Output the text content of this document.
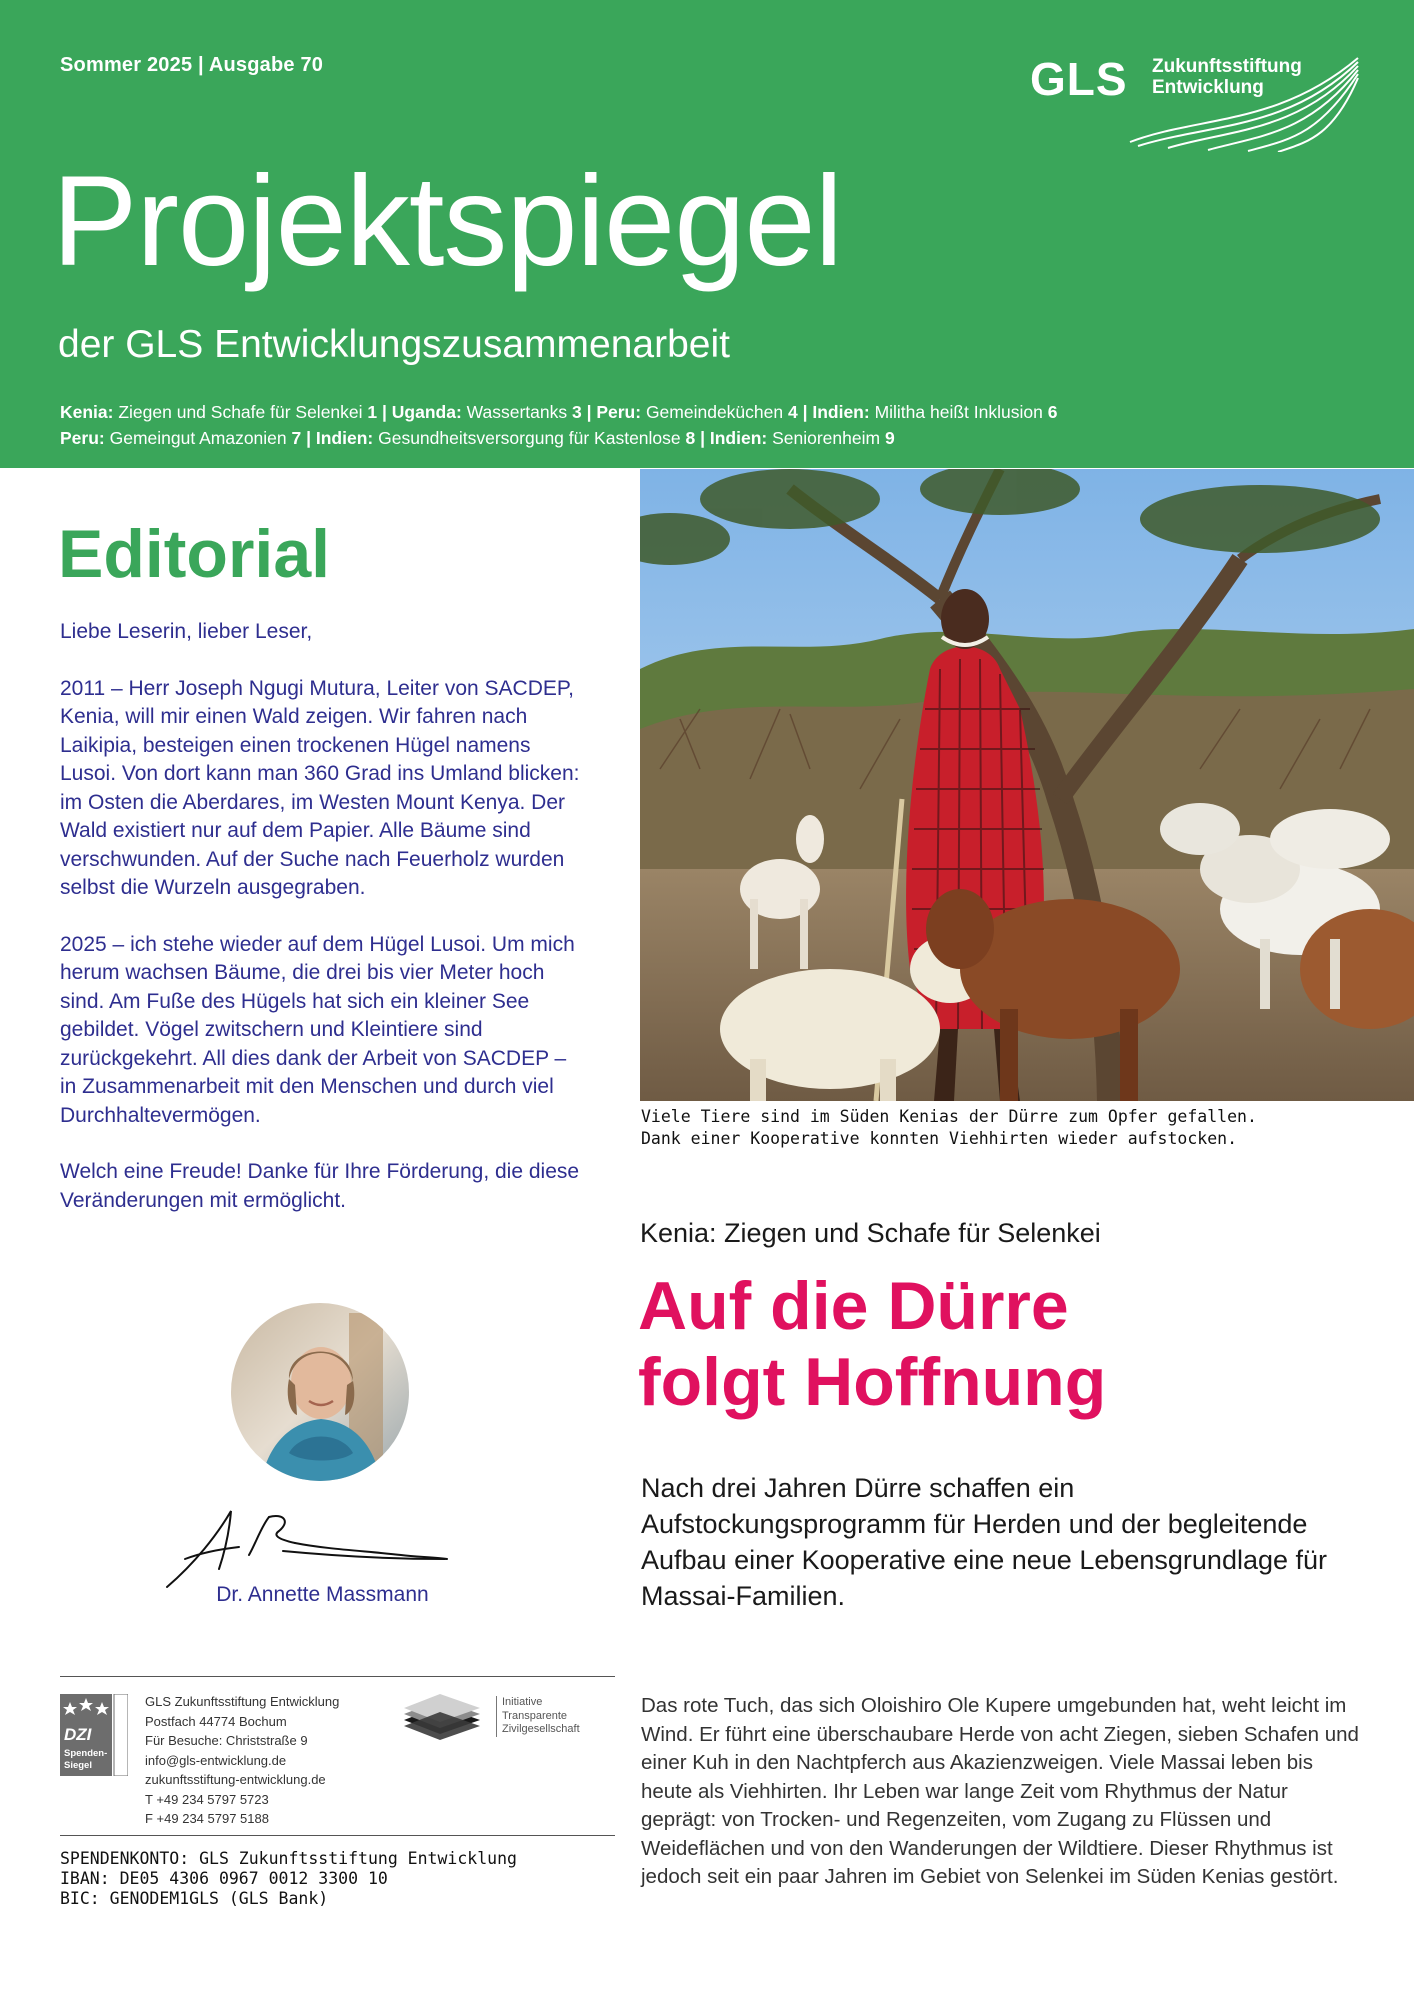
Sommer 2025 | Ausgabe 70	GLS Zukunftsstiftung
Entwicklung
Projektspiegel
der GLS Entwicklungszusammenarbeit
Kenia: Ziegen und Schafe für Selenkei 1 | Uganda: Wassertanks 3 | Peru: Gemeindeküchen 4 | Indien: Militha heißt Inklusion 6
Peru: Gemeingut Amazonien 7 | Indien: Gesundheitsversorgung für Kastenlose 8 | Indien: Seniorenheim 9
Editorial

Liebe Leserin, lieber Leser,

2011 – Herr Joseph Ngugi Mutura, Leiter von SACDEP, Kenia, will mir einen Wald zeigen. Wir fahren nach Laikipia, besteigen einen trockenen Hügel namens Lusoi. Von dort kann man 360 Grad ins Umland blicken: im Osten die Aberdares, im Westen Mount Kenya. Der Wald existiert nur auf dem Papier. Alle Bäume sind verschwunden. Auf der Suche nach Feuerholz wurden selbst die Wurzeln ausgegraben.

2025 – ich stehe wieder auf dem Hügel Lusoi. Um mich herum wachsen Bäume, die drei bis vier Meter hoch sind. Am Fuße des Hügels hat sich ein kleiner See gebildet. Vögel zwitschern und Kleintiere sind zurückgekehrt. All dies dank der Arbeit von SACDEP – in Zusammenarbeit mit den Menschen und durch viel Durchhaltevermögen.

Welch eine Freude! Danke für Ihre Förderung, die diese Veränderungen mit ermöglicht.

Dr. Annette Massmann
DZI
Spenden-
Siegel
GLS Zukunftsstiftung Entwicklung
Postfach 44774 Bochum
Für Besuche: Christstraße 9
info@gls-entwicklung.de
zukunftsstiftung-entwicklung.de
T +49 234 5797 5723
F +49 234 5797 5188
Initiative
Transparente
Zivilgesellschaft
SPENDENKONTO: GLS Zukunftsstiftung Entwicklung
IBAN: DE05 4306 0967 0012 3300 10
BIC: GENODEM1GLS (GLS Bank)
Viele Tiere sind im Süden Kenias der Dürre zum Opfer gefallen.
Dank einer Kooperative konnten Viehhirten wieder aufstocken.
Kenia: Ziegen und Schafe für Selenkei
Auf die Dürre
folgt Hoffnung

Nach drei Jahren Dürre schaffen ein Aufstockungsprogramm für Herden und der begleitende Aufbau einer Kooperative eine neue Lebensgrundlage für Massai-Familien.

Das rote Tuch, das sich Oloishiro Ole Kupere umgebunden hat, weht leicht im Wind. Er führt eine überschaubare Herde von acht Ziegen, sieben Schafen und einer Kuh in den Nachtpferch aus Akazienzweigen. Viele Massai leben bis heute als Viehhirten. Ihr Leben war lange Zeit vom Rhythmus der Natur geprägt: von Trocken- und Regenzeiten, vom Zugang zu Flüssen und Weideflächen und von den Wanderungen der Wildtiere. Dieser Rhythmus ist jedoch seit ein paar Jahren im Gebiet von Selenkei im Süden Kenias gestört.
